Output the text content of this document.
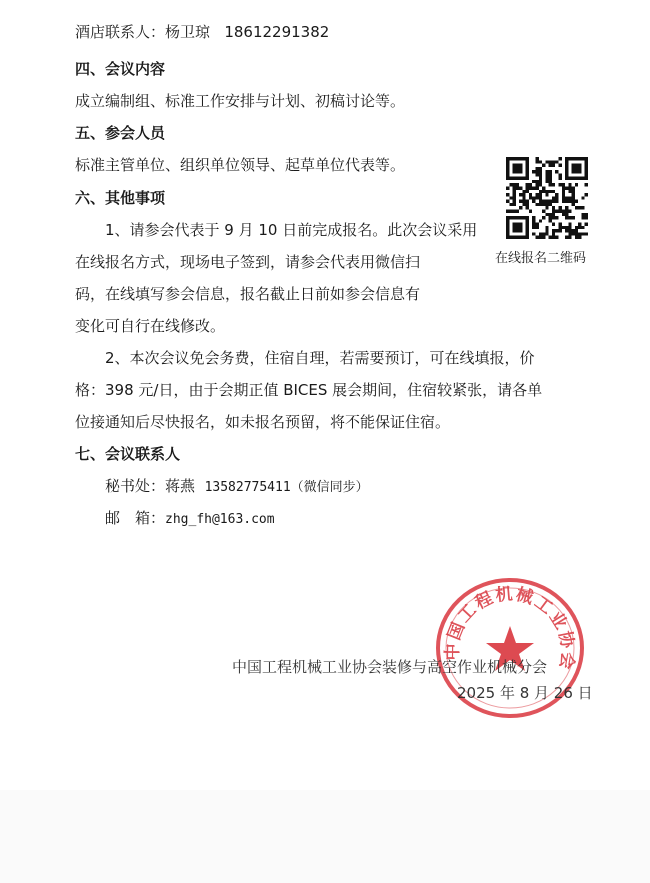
酒店联系人：杨卫琼 18612291382
四、会议内容
成立编制组、标准工作安排与计划、初稿讨论等。
五、参会人员
标准主管单位、组织单位领导、起草单位代表等。
六、其他事项
1、请参会代表于 9 月 10 日前完成报名。此次会议采用
在线报名方式，现场电子签到，请参会代表用微信扫
码，在线填写参会信息，报名截止日前如参会信息有
变化可自行在线修改。
2、本次会议免会务费，住宿自理，若需要预订，可在线填报，价
格：398 元/日，由于会期正值 BICES 展会期间，住宿较紧张，请各单
位接通知后尽快报名，如未报名预留，将不能保证住宿。
七、会议联系人
秘书处：蒋燕 13582775411（微信同步）
邮　箱：zhg_fh@163.com
在线报名二维码
中国工程机械工业协会
中国工程机械工业协会装修与高空作业机械分会
2025 年 8 月 26 日
